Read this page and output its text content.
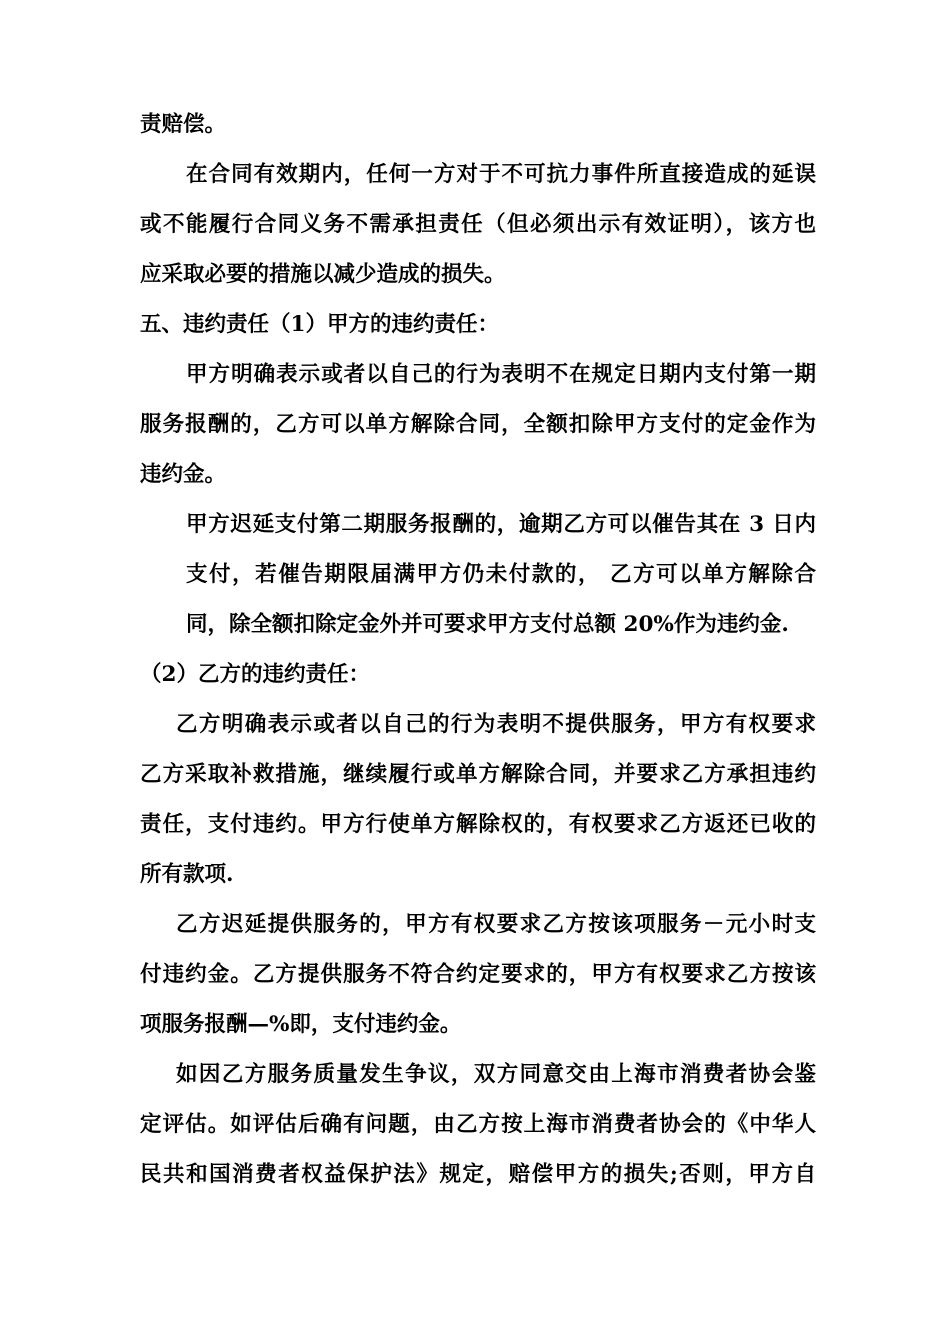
责赔偿。
在合同有效期内，任何一方对于不可抗力事件所直接造成的延误
或不能履行合同义务不需承担责任（但必须出示有效证明），该方也
应采取必要的措施以减少造成的损失。
五、违约责任（1）甲方的违约责任：
甲方明确表示或者以自己的行为表明不在规定日期内支付第一期
服务报酬的，乙方可以单方解除合同，全额扣除甲方支付的定金作为
违约金。
甲方迟延支付第二期服务报酬的，逾期乙方可以催告其在 3 日内
支付，若催告期限届满甲方仍未付款的， 乙方可以单方解除合
同，除全额扣除定金外并可要求甲方支付总额 20%作为违约金.
（2）乙方的违约责任：
乙方明确表示或者以自己的行为表明不提供服务，甲方有权要求
乙方采取补救措施，继续履行或单方解除合同，并要求乙方承担违约
责任，支付违约。甲方行使单方解除权的，有权要求乙方返还已收的
所有款项.
乙方迟延提供服务的，甲方有权要求乙方按该项服务－元小时支
付违约金。乙方提供服务不符合约定要求的，甲方有权要求乙方按该
项服务报酬—%即，支付违约金。
如因乙方服务质量发生争议，双方同意交由上海市消费者协会鉴
定评估。如评估后确有问题，由乙方按上海市消费者协会的《中华人
民共和国消费者权益保护法》规定，赔偿甲方的损失;否则，甲方自
